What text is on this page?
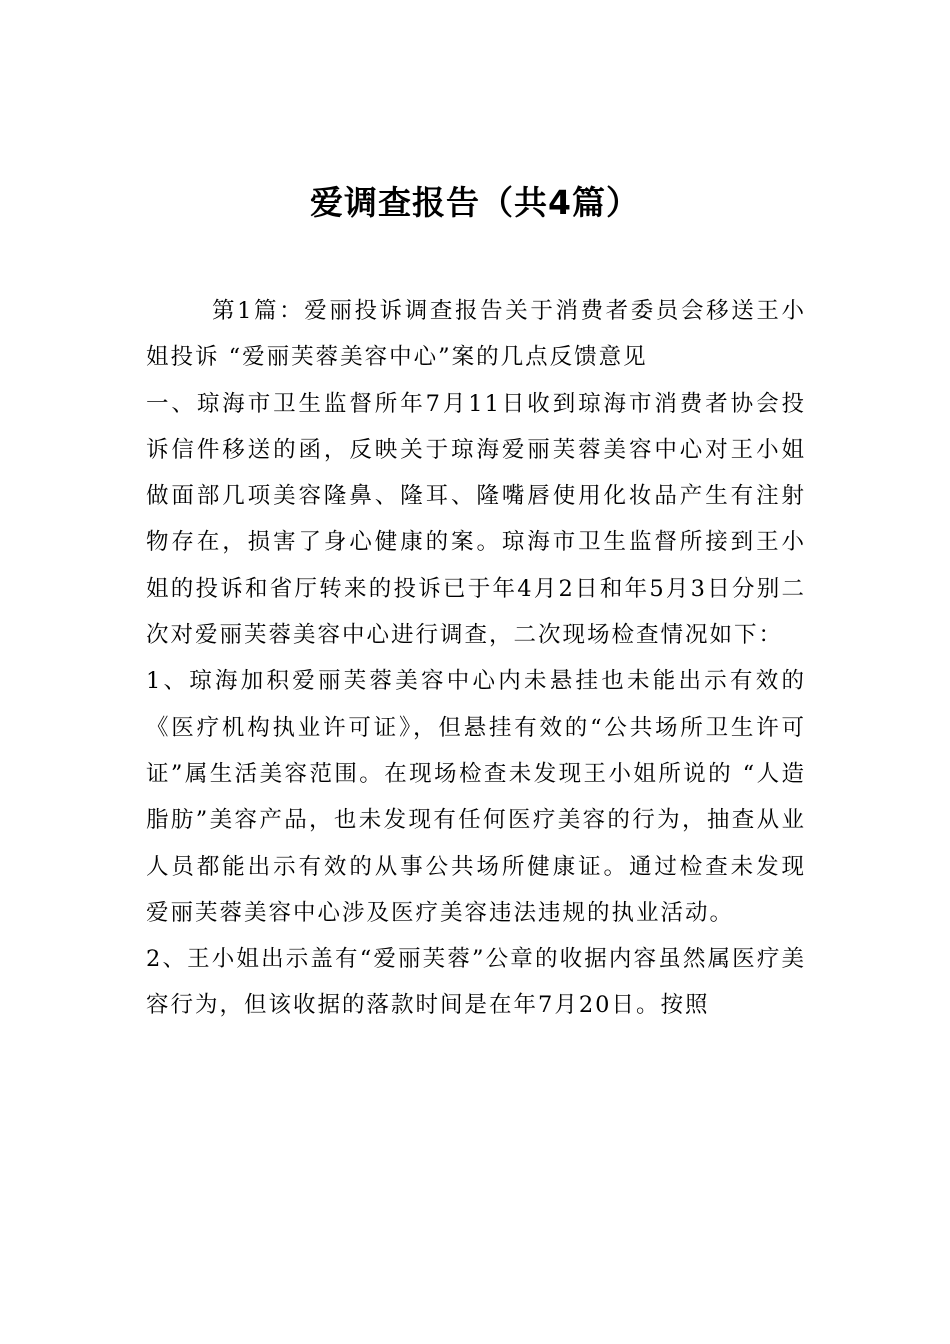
爱调查报告（共4篇）

第1篇：爱丽投诉调查报告关于消费者委员会移送王小姐投诉 “爱丽芙蓉美容中心”案的几点反馈意见

一、琼海市卫生监督所年7月11日收到琼海市消费者协会投诉信件移送的函，反映关于琼海爱丽芙蓉美容中心对王小姐做面部几项美容隆鼻、隆耳、隆嘴唇使用化妆品产生有注射物存在，损害了身心健康的案。琼海市卫生监督所接到王小姐的投诉和省厅转来的投诉已于年4月2日和年5月3日分别二次对爱丽芙蓉美容中心进行调查，二次现场检查情况如下：

1、琼海加积爱丽芙蓉美容中心内未悬挂也未能出示有效的《医疗机构执业许可证》，但悬挂有效的“公共场所卫生许可证”属生活美容范围。在现场检查未发现王小姐所说的 “人造脂肪”美容产品，也未发现有任何医疗美容的行为，抽查从业人员都能出示有效的从事公共场所健康证。通过检查未发现爱丽芙蓉美容中心涉及医疗美容违法违规的执业活动。

2、王小姐出示盖有“爱丽芙蓉”公章的收据内容虽然属医疗美容行为，但该收据的落款时间是在年7月20日。按照
